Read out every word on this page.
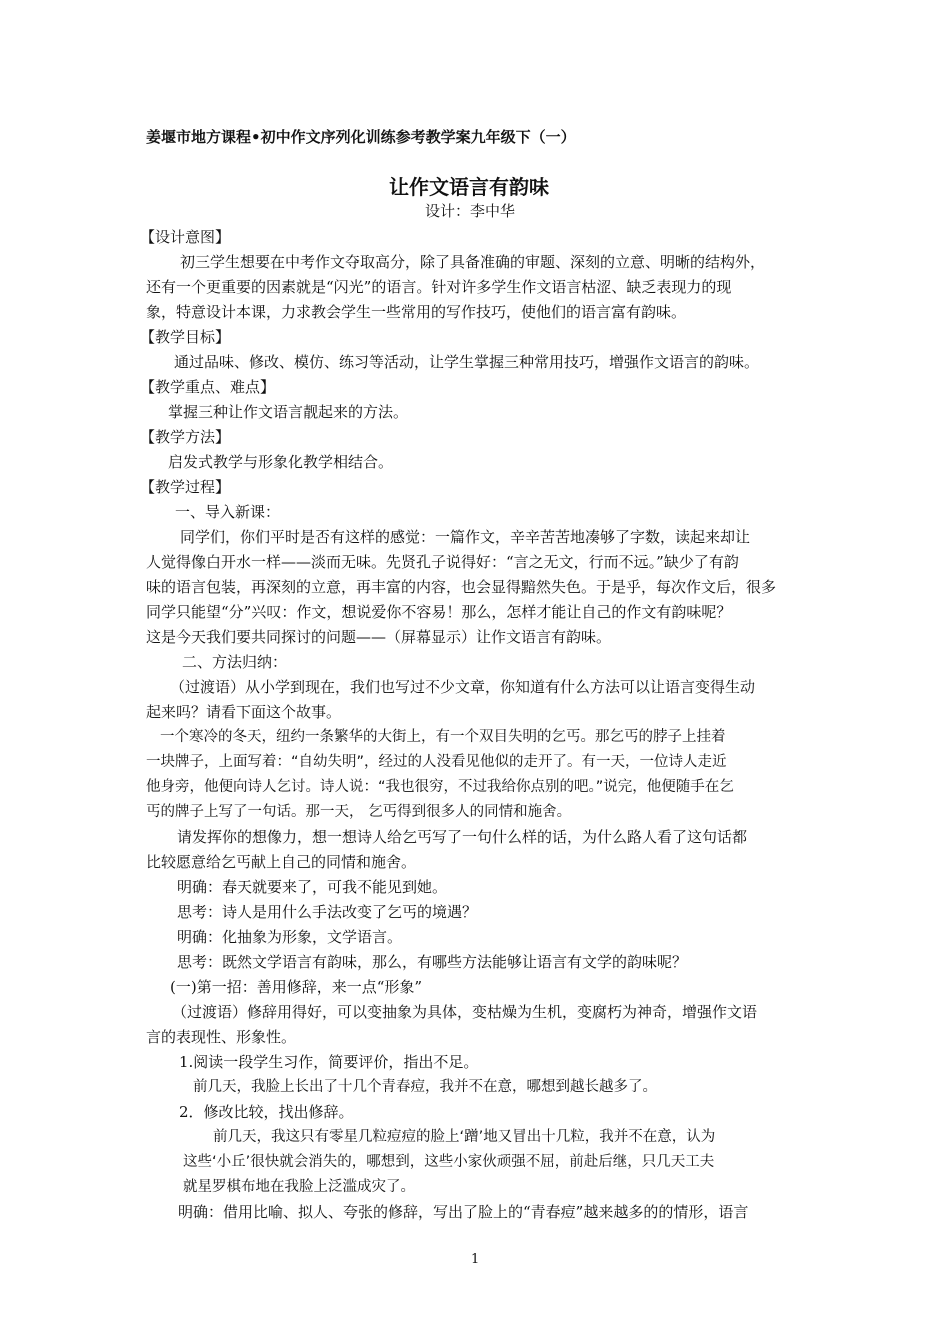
姜堰市地方课程•初中作文序列化训练参考教学案九年级下（一）
让作文语言有韵味
设计：李中华
【设计意图】
初三学生想要在中考作文夺取高分，除了具备准确的审题、深刻的立意、明晰的结构外，
还有一个更重要的因素就是“闪光”的语言。针对许多学生作文语言枯涩、缺乏表现力的现
象，特意设计本课，力求教会学生一些常用的写作技巧，使他们的语言富有韵味。
【教学目标】
通过品味、修改、模仿、练习等活动，让学生掌握三种常用技巧，增强作文语言的韵味。
【教学重点、难点】
掌握三种让作文语言靓起来的方法。
【教学方法】
启发式教学与形象化教学相结合。
【教学过程】
一、导入新课：
同学们，你们平时是否有这样的感觉：一篇作文，辛辛苦苦地凑够了字数，读起来却让
人觉得像白开水一样——淡而无味。先贤孔子说得好：“言之无文，行而不远。”缺少了有韵
味的语言包装，再深刻的立意，再丰富的内容，也会显得黯然失色。于是乎，每次作文后，很多
同学只能望“分”兴叹：作文，想说爱你不容易！那么，怎样才能让自己的作文有韵味呢？
这是今天我们要共同探讨的问题——（屏幕显示）让作文语言有韵味。
二、方法归纳：
（过渡语）从小学到现在，我们也写过不少文章，你知道有什么方法可以让语言变得生动
起来吗？请看下面这个故事。
一个寒冷的冬天，纽约一条繁华的大街上，有一个双目失明的乞丐。那乞丐的脖子上挂着
一块牌子，上面写着：“自幼失明”，经过的人没看见他似的走开了。有一天，一位诗人走近
他身旁，他便向诗人乞讨。诗人说：“我也很穷，不过我给你点别的吧。”说完，他便随手在乞
丐的牌子上写了一句话。那一天， 乞丐得到很多人的同情和施舍。
请发挥你的想像力，想一想诗人给乞丐写了一句什么样的话，为什么路人看了这句话都
比较愿意给乞丐献上自己的同情和施舍。
明确：春天就要来了，可我不能见到她。
思考：诗人是用什么手法改变了乞丐的境遇？
明确：化抽象为形象，文学语言。
思考：既然文学语言有韵味，那么，有哪些方法能够让语言有文学的韵味呢？
(一)第一招：善用修辞，来一点“形象”
（过渡语）修辞用得好，可以变抽象为具体，变枯燥为生机，变腐朽为神奇，增强作文语
言的表现性、形象性。
1.阅读一段学生习作，简要评价，指出不足。
前几天，我脸上长出了十几个青春痘，我并不在意，哪想到越长越多了。
2．修改比较，找出修辞。
前几天，我这只有零星几粒痘痘的脸上‘蹭’地又冒出十几粒，我并不在意，认为
这些‘小丘’很快就会消失的，哪想到，这些小家伙顽强不屈，前赴后继，只几天工夫
就星罗棋布地在我脸上泛滥成灾了。
明确：借用比喻、拟人、夸张的修辞，写出了脸上的“青春痘”越来越多的的情形，语言
1
